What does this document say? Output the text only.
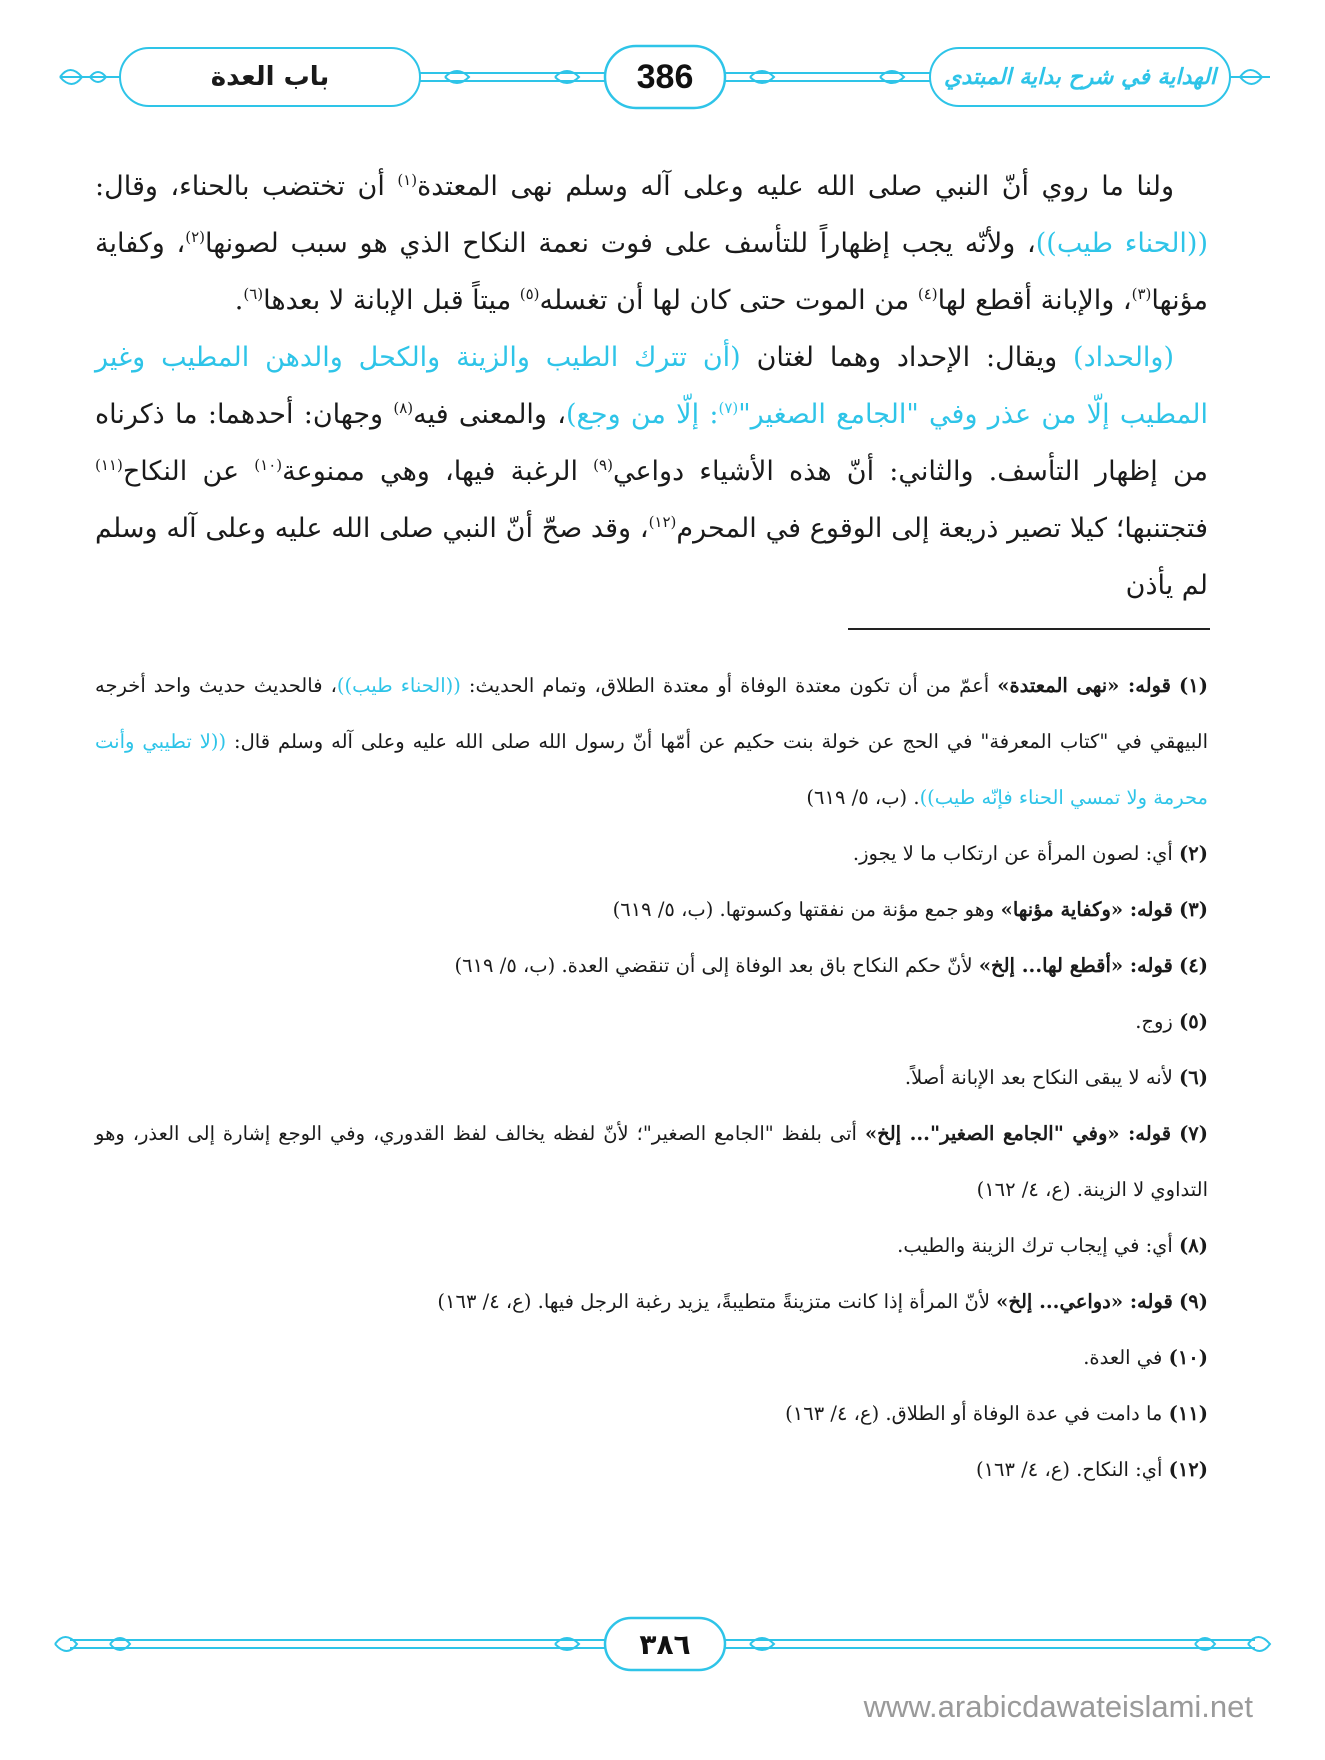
باب العدة	386	الهداية في شرح بداية المبتدي

ولنا ما روي أنّ النبي صلى الله عليه وعلى آله وسلم نهى المعتدة$^{(١)}$ أن تختضب بالحناء، وقال: ((الحناء طيب))، ولأنّه يجب إظهاراً للتأسف على فوت نعمة النكاح الذي هو سبب لصونها$^{(٢)}$، وكفاية مؤنها$^{(٣)}$، والإبانة أقطع لها$^{(٤)}$ من الموت حتى كان لها أن تغسله$^{(٥)}$ ميتاً قبل الإبانة لا بعدها$^{(٦)}$.

(والحداد) ويقال: الإحداد وهما لغتان (أن تترك الطيب والزينة والكحل والدهن المطيب وغير المطيب إلّا من عذر وفي "الجامع الصغير"$^{(٧)}$: إلّا من وجع)، والمعنى فيه$^{(٨)}$ وجهان: أحدهما: ما ذكرناه من إظهار التأسف. والثاني: أنّ هذه الأشياء دواعي$^{(٩)}$ الرغبة فيها، وهي ممنوعة$^{(١٠)}$ عن النكاح$^{(١١)}$ فتجتنبها؛ كيلا تصير ذريعة إلى الوقوع في المحرم$^{(١٢)}$، وقد صحّ أنّ النبي صلى الله عليه وعلى آله وسلم لم يأذن

(١) قوله: «نهى المعتدة» أعمّ من أن تكون معتدة الوفاة أو معتدة الطلاق، وتمام الحديث: ((الحناء طيب))، فالحديث حديث واحد أخرجه البيهقي في "كتاب المعرفة" في الحج عن خولة بنت حكيم عن أمّها أنّ رسول الله صلى الله عليه وعلى آله وسلم قال: ((لا تطيبي وأنت محرمة ولا تمسي الحناء فإنّه طيب)). (ب، ٥/ ٦١٩)

(٢) أي: لصون المرأة عن ارتكاب ما لا يجوز.

(٣) قوله: «وكفاية مؤنها» وهو جمع مؤنة من نفقتها وكسوتها. (ب، ٥/ ٦١٩)

(٤) قوله: «أقطع لها... إلخ» لأنّ حكم النكاح باق بعد الوفاة إلى أن تنقضي العدة. (ب، ٥/ ٦١٩)

(٥) زوج.

(٦) لأنه لا يبقى النكاح بعد الإبانة أصلاً.

(٧) قوله: «وفي "الجامع الصغير"... إلخ» أتى بلفظ "الجامع الصغير"؛ لأنّ لفظه يخالف لفظ القدوري، وفي الوجع إشارة إلى العذر، وهو التداوي لا الزينة. (ع، ٤/ ١٦٢)

(٨) أي: في إيجاب ترك الزينة والطيب.

(٩) قوله: «دواعي... إلخ» لأنّ المرأة إذا كانت متزينةً متطيبةً، يزيد رغبة الرجل فيها. (ع، ٤/ ١٦٣)

(١٠) في العدة.

(١١) ما دامت في عدة الوفاة أو الطلاق. (ع، ٤/ ١٦٣)

(١٢) أي: النكاح. (ع، ٤/ ١٦٣)

٣٨٦
www.arabicdawateislami.net
